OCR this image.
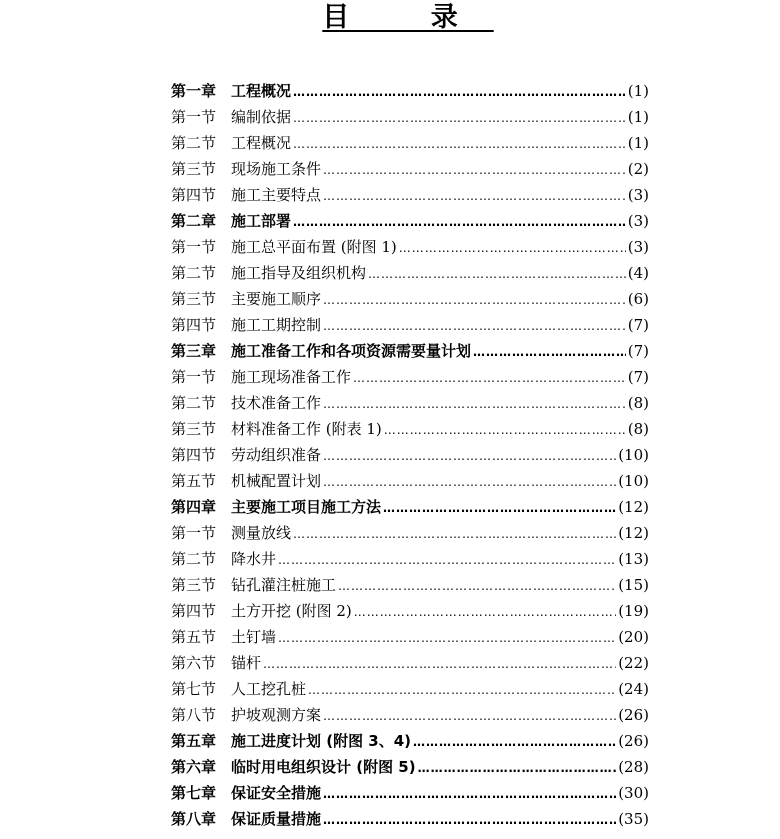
目 录
第一章 工程概况 …………………………………………………………………………………………………………………………………………………………	(1)
第一节 编制依据 …………………………………………………………………………………………………………………………………………………………	(1)
第二节 工程概况 …………………………………………………………………………………………………………………………………………………………	(1)
第三节 现场施工条件 …………………………………………………………………………………………………………………………………………………………	(2)
第四节 施工主要特点 …………………………………………………………………………………………………………………………………………………………	(3)
第二章 施工部署 …………………………………………………………………………………………………………………………………………………………	(3)
第一节 施工总平面布置 (附图 1) …………………………………………………………………………………………………………………………………………………………	(3)
第二节 施工指导及组织机构 …………………………………………………………………………………………………………………………………………………………	(4)
第三节 主要施工顺序 …………………………………………………………………………………………………………………………………………………………	(6)
第四节 施工工期控制 …………………………………………………………………………………………………………………………………………………………	(7)
第三章 施工准备工作和各项资源需要量计划 …………………………………………………………………………………………………………………………………………………………	(7)
第一节 施工现场准备工作 …………………………………………………………………………………………………………………………………………………………	(7)
第二节 技术准备工作 …………………………………………………………………………………………………………………………………………………………	(8)
第三节 材料准备工作 (附表 1) …………………………………………………………………………………………………………………………………………………………	(8)
第四节 劳动组织准备 …………………………………………………………………………………………………………………………………………………………	(10)
第五节 机械配置计划 …………………………………………………………………………………………………………………………………………………………	(10)
第四章 主要施工项目施工方法 …………………………………………………………………………………………………………………………………………………………	(12)
第一节 测量放线 …………………………………………………………………………………………………………………………………………………………	(12)
第二节 降水井 …………………………………………………………………………………………………………………………………………………………	(13)
第三节 钻孔灌注桩施工 …………………………………………………………………………………………………………………………………………………………	(15)
第四节 土方开挖 (附图 2) …………………………………………………………………………………………………………………………………………………………	(19)
第五节 土钉墙 …………………………………………………………………………………………………………………………………………………………	(20)
第六节 锚杆 …………………………………………………………………………………………………………………………………………………………	(22)
第七节 人工挖孔桩 …………………………………………………………………………………………………………………………………………………………	(24)
第八节 护坡观测方案 …………………………………………………………………………………………………………………………………………………………	(26)
第五章 施工进度计划 (附图 3、4) …………………………………………………………………………………………………………………………………………………………	(26)
第六章 临时用电组织设计 (附图 5) …………………………………………………………………………………………………………………………………………………………	(28)
第七章 保证安全措施 …………………………………………………………………………………………………………………………………………………………	(30)
第八章 保证质量措施 …………………………………………………………………………………………………………………………………………………………	(35)
